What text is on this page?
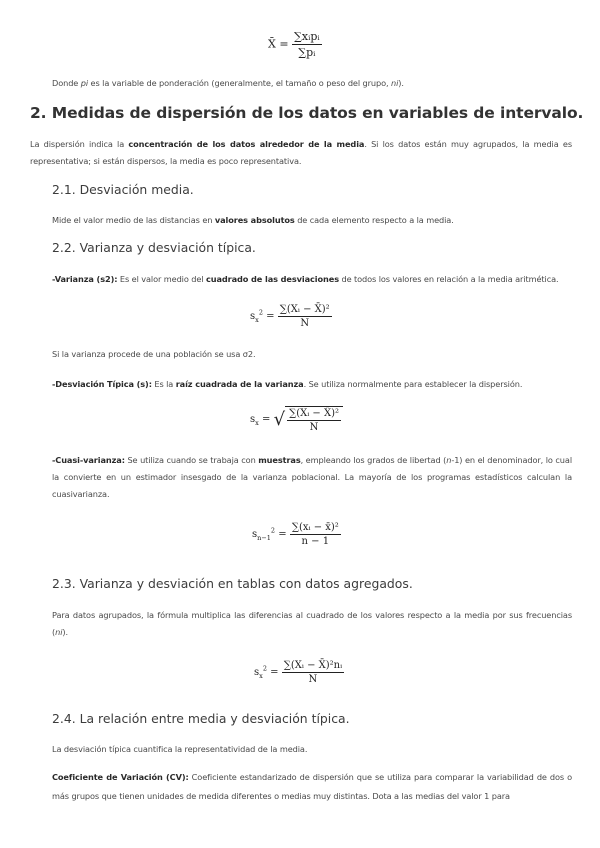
X̄ = $\frac{\text{∑xᵢpᵢ}}{\text{∑pᵢ}}$
Donde pi es la variable de ponderación (generalmente, el tamaño o peso del grupo, ni).
2. Medidas de dispersión de los datos en variables de intervalo.
La dispersión indica la concentración de los datos alrededor de la media. Si los datos están muy agrupados, la media es representativa; si están dispersos, la media es poco representativa.
2.1. Desviación media.
Mide el valor medio de las distancias en valores absolutos de cada elemento respecto a la media.
2.2. Varianza y desviación típica.
-Varianza (s2): Es el valor medio del cuadrado de las desviaciones de todos los valores en relación a la media aritmética.
$s_x^2 = \frac{\text{∑(Xᵢ − X̄)²}}{N}$
Si la varianza procede de una población se usa σ2.
-Desviación Típica (s): Es la raíz cuadrada de la varianza. Se utiliza normalmente para establecer la dispersión.
$s_x$ = √ $\frac{\text{∑(Xᵢ − X̄)²}}{N}$
-Cuasi-varianza: Se utiliza cuando se trabaja con muestras, empleando los grados de libertad (n-1) en el denominador, lo cual la convierte en un estimador insesgado de la varianza poblacional. La mayoría de los programas estadísticos calculan la cuasivarianza.
$s_{n-1}^2 = \frac{\text{∑(xᵢ − x̄)²}}{n - 1}$
2.3. Varianza y desviación en tablas con datos agregados.
Para datos agrupados, la fórmula multiplica las diferencias al cuadrado de los valores respecto a la media por sus frecuencias (ni).
$s_x^2 = \frac{\text{∑(Xᵢ − X̄)²nᵢ}}{N}$
2.4. La relación entre media y desviación típica.
La desviación típica cuantifica la representatividad de la media.
Coeficiente de Variación (CV): Coeficiente estandarizado de dispersión que se utiliza para comparar la variabilidad de dos o más grupos que tienen unidades de medida diferentes o medias muy distintas. Dota a las medias del valor 1 para
